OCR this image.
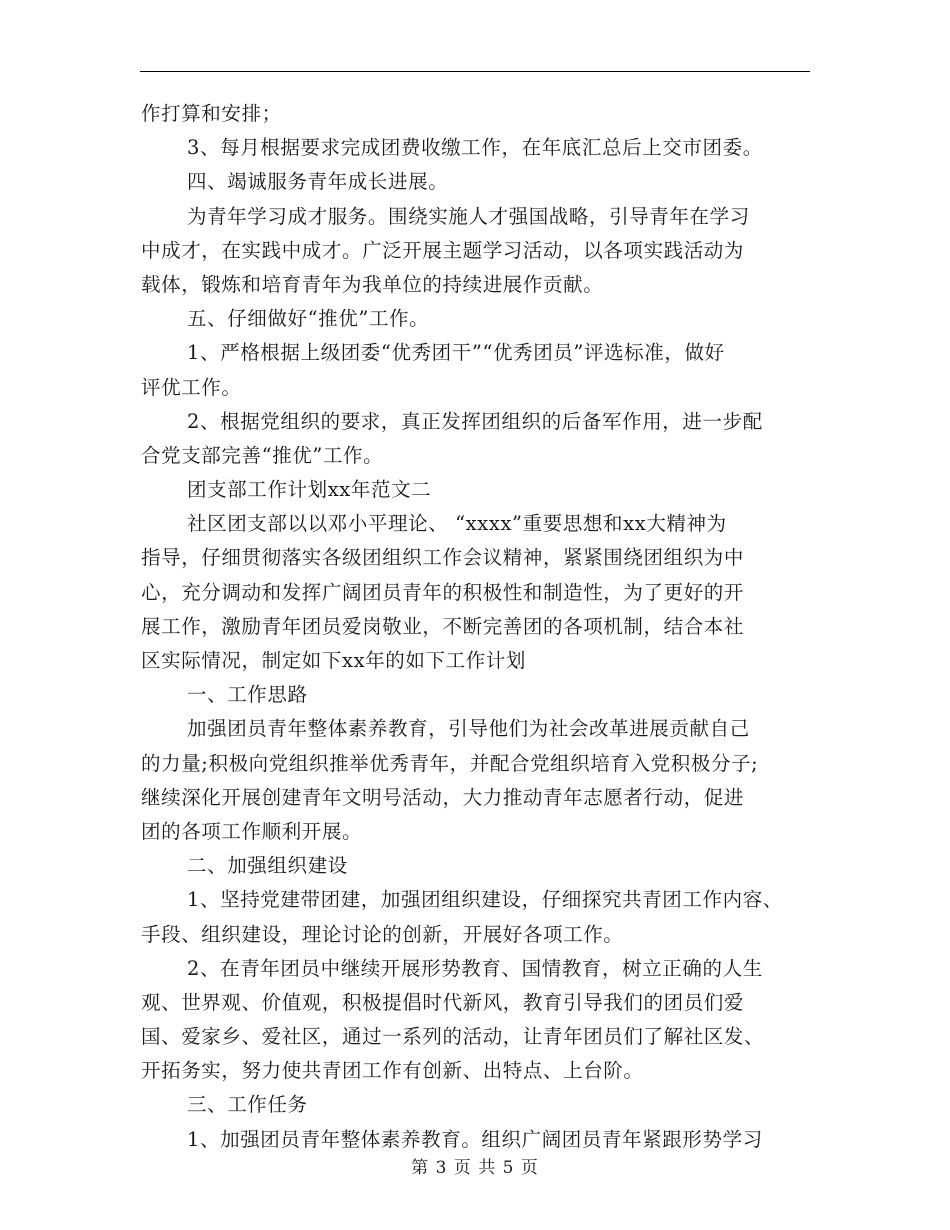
作打算和安排；
3、每月根据要求完成团费收缴工作，在年底汇总后上交市团委。
四、竭诚服务青年成长进展。
为青年学习成才服务。围绕实施人才强国战略，引导青年在学习
中成才，在实践中成才。广泛开展主题学习活动，以各项实践活动为
载体，锻炼和培育青年为我单位的持续进展作贡献。
五、仔细做好“推优”工作。
1、严格根据上级团委“优秀团干”“优秀团员”评选标准，做好
评优工作。
2、根据党组织的要求，真正发挥团组织的后备军作用，进一步配
合党支部完善“推优”工作。
团支部工作计划xx年范文二
社区团支部以以邓小平理论、 “xxxx”重要思想和xx大精神为
指导，仔细贯彻落实各级团组织工作会议精神，紧紧围绕团组织为中
心，充分调动和发挥广阔团员青年的积极性和制造性，为了更好的开
展工作，激励青年团员爱岗敬业，不断完善团的各项机制，结合本社
区实际情况，制定如下xx年的如下工作计划
一、工作思路
加强团员青年整体素养教育，引导他们为社会改革进展贡献自己
的力量;积极向党组织推举优秀青年，并配合党组织培育入党积极分子;
继续深化开展创建青年文明号活动，大力推动青年志愿者行动，促进
团的各项工作顺利开展。
二、加强组织建设
1、坚持党建带团建，加强团组织建设，仔细探究共青团工作内容、
手段、组织建设，理论讨论的创新，开展好各项工作。
2、在青年团员中继续开展形势教育、国情教育，树立正确的人生
观、世界观、价值观，积极提倡时代新风，教育引导我们的团员们爱
国、爱家乡、爱社区，通过一系列的活动，让青年团员们了解社区发、
开拓务实，努力使共青团工作有创新、出特点、上台阶。
三、工作任务
1、加强团员青年整体素养教育。组织广阔团员青年紧跟形势学习
第 3 页 共 5 页
